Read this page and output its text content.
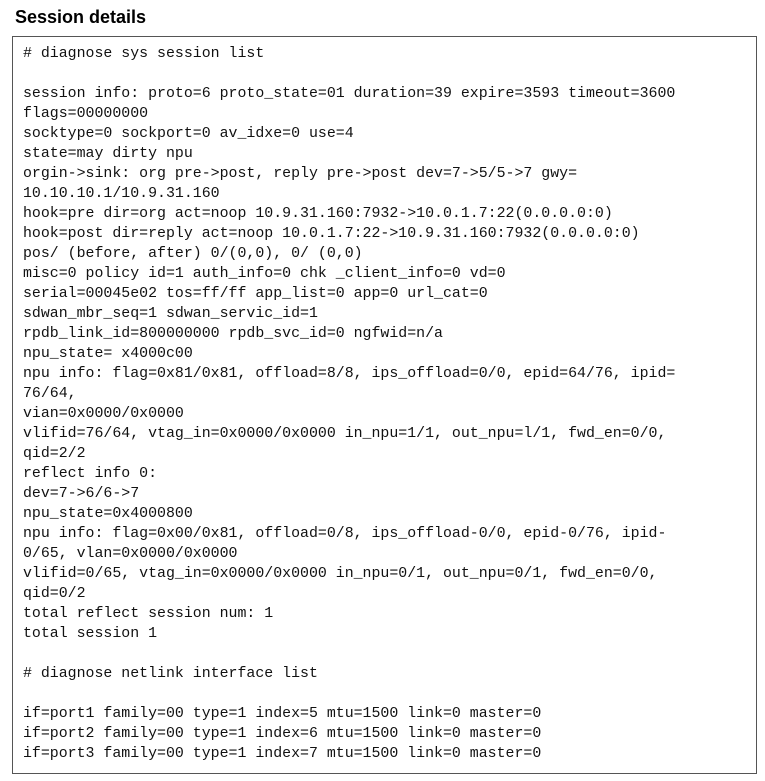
Session details
# diagnose sys session list
session info: proto=6 proto_state=01 duration=39 expire=3593 timeout=3600
flags=00000000
socktype=0 sockport=0 av_idxe=0 use=4
state=may dirty npu
orgin->sink: org pre->post, reply pre->post dev=7->5/5->7 gwy=
10.10.10.1/10.9.31.160
hook=pre dir=org act=noop 10.9.31.160:7932->10.0.1.7:22(0.0.0.0:0)
hook=post dir=reply act=noop 10.0.1.7:22->10.9.31.160:7932(0.0.0.0:0)
pos/ (before, after) 0/(0,0), 0/ (0,0)
misc=0 policy id=1 auth_info=0 chk _client_info=0 vd=0
serial=00045e02 tos=ff/ff app_list=0 app=0 url_cat=0
sdwan_mbr_seq=1 sdwan_servic_id=1
rpdb_link_id=800000000 rpdb_svc_id=0 ngfwid=n/a
npu_state= x4000c00
npu info: flag=0x81/0x81, offload=8/8, ips_offload=0/0, epid=64/76, ipid=
76/64,
vian=0x0000/0x0000
vlifid=76/64, vtag_in=0x0000/0x0000 in_npu=1/1, out_npu=l/1, fwd_en=0/0,
qid=2/2
reflect info 0:
dev=7->6/6->7
npu_state=0x4000800
npu info: flag=0x00/0x81, offload=0/8, ips_offload-0/0, epid-0/76, ipid-
0/65, vlan=0x0000/0x0000
vlifid=0/65, vtag_in=0x0000/0x0000 in_npu=0/1, out_npu=0/1, fwd_en=0/0,
qid=0/2
total reflect session num: 1
total session 1
# diagnose netlink interface list
if=port1 family=00 type=1 index=5 mtu=1500 link=0 master=0
if=port2 family=00 type=1 index=6 mtu=1500 link=0 master=0
if=port3 family=00 type=1 index=7 mtu=1500 link=0 master=0
